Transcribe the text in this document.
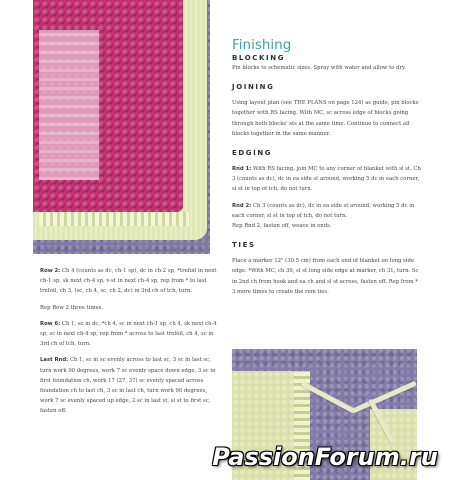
Finishing
BLOCKING
Pin blocks to schematic sizes. Spray with water and allow to dry.
JOINING
Using layout plan (see THE PLANS on page 124) as guide, pin blocks together with RS facing. With MC, sc across edge of blocks going through both blocks' sts at the same time. Continue to connect all blocks together in the same manner.
EDGING
Rnd 1: With RS facing, join MC to any corner of blanket with sl st. Ch 3 (counts as dc), dc in ea side st around, working 5 dc in each corner, sl st in top of tch, do not turn.
Rnd 2: Ch 3 (counts as dc), dc in ea side st around, working 5 dc in each corner, sl st in top of tch, do not turn.
Rep Rnd 2, fasten off, weave in ends.
TIES
Place a marker 12" (30.5 cm) from each end of blanket on long side edge. *With MC, ch 30, sl st long side edge at marker, ch 31, turn. Sc in 2nd ch from hook and ea ch and sl st across, fasten off. Rep from * 3 more times to create the rem ties.
Row 2: Ch 4 (counts as dc, ch-1 sp), dc in ch-2 sp, *trefoil in next ch-1 sp, sk next ch-4 sp, v-st in next ch-4 sp, rep from * to last trefoil, ch 3, (sc, ch 4, sc, ch 2, dc) in 3rd ch of tch, turn.
Rep Row 2 three times.
Row 6: Ch 1, sc in dc, *ch 4, sc in next ch-1 sp, ch 4, sk next ch-4 sp, sc in next ch-4 sp, rep from * across to last trefoil, ch 4, sc in 3rd ch of tch, turn.
Last Rnd: Ch 1, sc in sc evenly across to last sc, 3 sc in last sc, turn work 90 degrees, work 7 sc evenly space down edge, 3 sc in first foundation ch, work 17 (27, 37) sc evenly spaced across foundation ch to last ch, 3 sc in last ch, turn work 90 degrees, work 7 sc evenly spaced up edge, 2 sc in last st, sl st to first sc, fasten off.
PassionForum.ru
